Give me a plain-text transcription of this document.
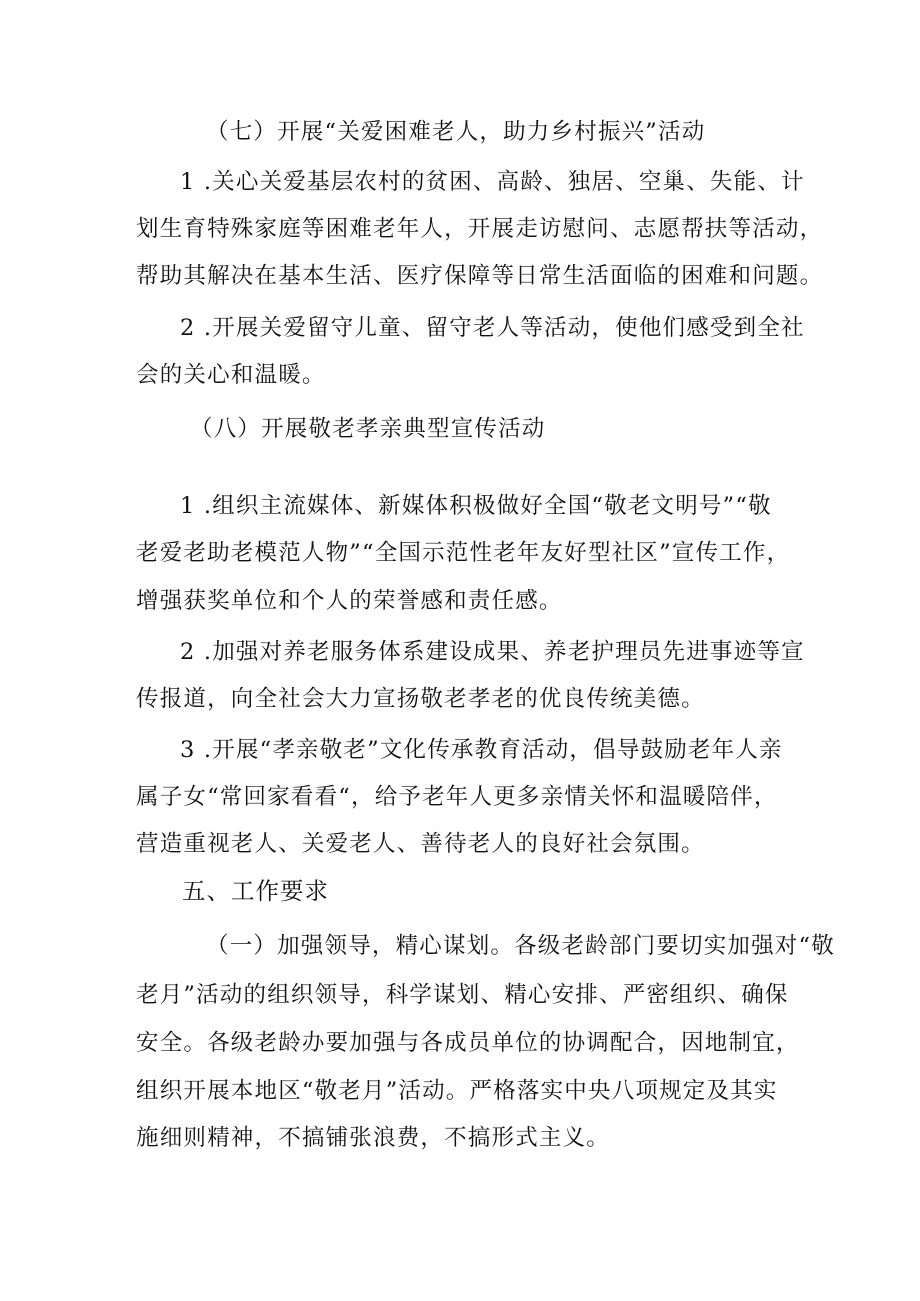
（七）开展“关爱困难老人，助力乡村振兴”活动
1 .关心关爱基层农村的贫困、高龄、独居、空巢、失能、计
划生育特殊家庭等困难老年人，开展走访慰问、志愿帮扶等活动，
帮助其解决在基本生活、医疗保障等日常生活面临的困难和问题。
2 .开展关爱留守儿童、留守老人等活动，使他们感受到全社
会的关心和温暖。
（八）开展敬老孝亲典型宣传活动
1 .组织主流媒体、新媒体积极做好全国“敬老文明号”“敬
老爱老助老模范人物”“全国示范性老年友好型社区”宣传工作，
增强获奖单位和个人的荣誉感和责任感。
2 .加强对养老服务体系建设成果、养老护理员先进事迹等宣
传报道，向全社会大力宣扬敬老孝老的优良传统美德。
3 .开展“孝亲敬老”文化传承教育活动，倡导鼓励老年人亲
属子女“常回家看看“，给予老年人更多亲情关怀和温暖陪伴，
营造重视老人、关爱老人、善待老人的良好社会氛围。
五、工作要求
（一）加强领导，精心谋划。各级老龄部门要切实加强对“敬
老月”活动的组织领导，科学谋划、精心安排、严密组织、确保
安全。各级老龄办要加强与各成员单位的协调配合，因地制宜，
组织开展本地区“敬老月”活动。严格落实中央八项规定及其实
施细则精神，不搞铺张浪费，不搞形式主义。
